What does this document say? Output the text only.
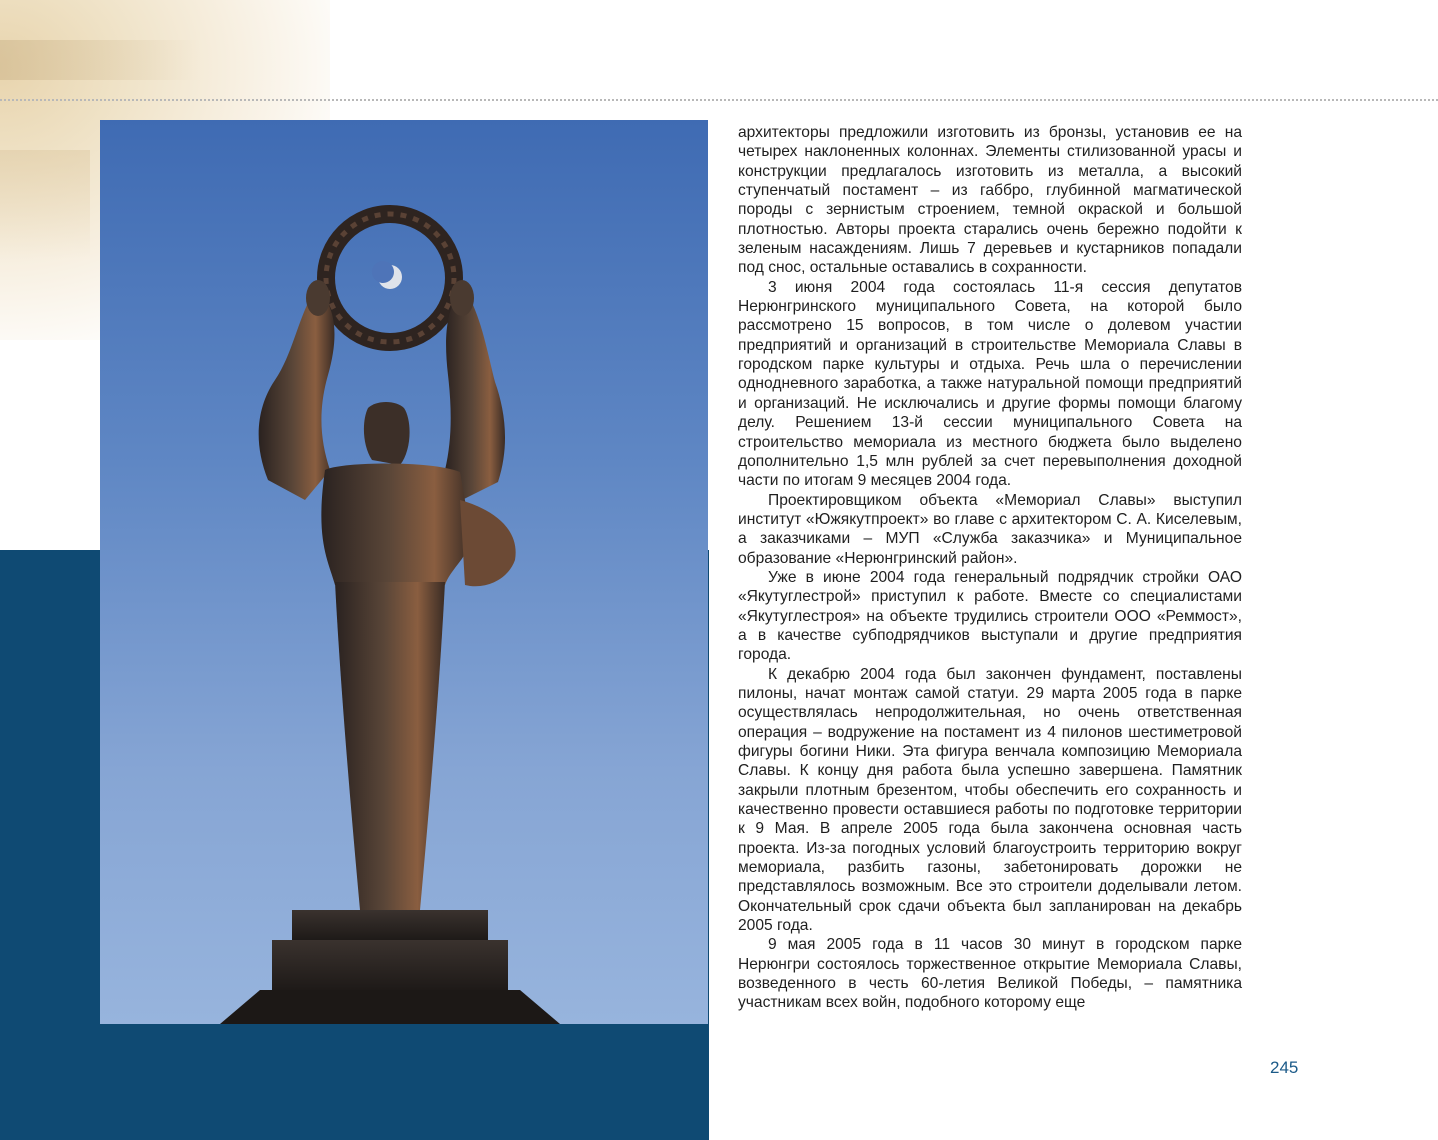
архитекторы предложили изготовить из бронзы, установив ее на четырех наклоненных колоннах. Элементы стилизованной урасы и конструкции предлагалось изготовить из металла, а высокий ступенчатый постамент – из габбро, глубинной магматической породы с зернистым строением, темной окраской и большой плотностью. Авторы проекта старались очень бережно подойти к зеленым насаждениям. Лишь 7 деревьев и кустарников попадали под снос, остальные оставались в сохранности.

3 июня 2004 года состоялась 11-я сессия депутатов Нерюнгринского муниципального Совета, на которой было рассмотрено 15 вопросов, в том числе о долевом участии предприятий и организаций в строительстве Мемориала Славы в городском парке культуры и отдыха. Речь шла о перечислении однодневного заработка, а также натуральной помощи предприятий и организаций. Не исключались и другие формы помощи благому делу. Решением 13-й сессии муниципального Совета на строительство мемориала из местного бюджета было выделено дополнительно 1,5 млн рублей за счет перевыполнения доходной части по итогам 9 месяцев 2004 года.

Проектировщиком объекта «Мемориал Славы» выступил институт «Южякутпроект» во главе с архитектором С. А. Киселевым, а заказчиками – МУП «Служба заказчика» и Муниципальное образование «Нерюнгринский район».

Уже в июне 2004 года генеральный подрядчик стройки ОАО «Якутуглестрой» приступил к работе. Вместе со специалистами «Якутуглестроя» на объекте трудились строители ООО «Реммост», а в качестве субподрядчиков выступали и другие предприятия города.

К декабрю 2004 года был закончен фундамент, поставлены пилоны, начат монтаж самой статуи. 29 марта 2005 года в парке осуществлялась непродолжительная, но очень ответственная операция – водружение на постамент из 4 пилонов шестиметровой фигуры богини Ники. Эта фигура венчала композицию Мемориала Славы. К концу дня работа была успешно завершена. Памятник закрыли плотным брезентом, чтобы обеспечить его сохранность и качественно провести оставшиеся работы по подготовке территории к 9 Мая. В апреле 2005 года была закончена основная часть проекта. Из-за погодных условий благоустроить территорию вокруг мемориала, разбить газоны, забетонировать дорожки не представлялось возможным. Все это строители доделывали летом. Окончательный срок сдачи объекта был запланирован на декабрь 2005 года.

9 мая 2005 года в 11 часов 30 минут в городском парке Нерюнгри состоялось торжественное открытие Мемориала Славы, возведенного в честь 60-летия Великой Победы, – памятника участникам всех войн, подобного которому еще

245
